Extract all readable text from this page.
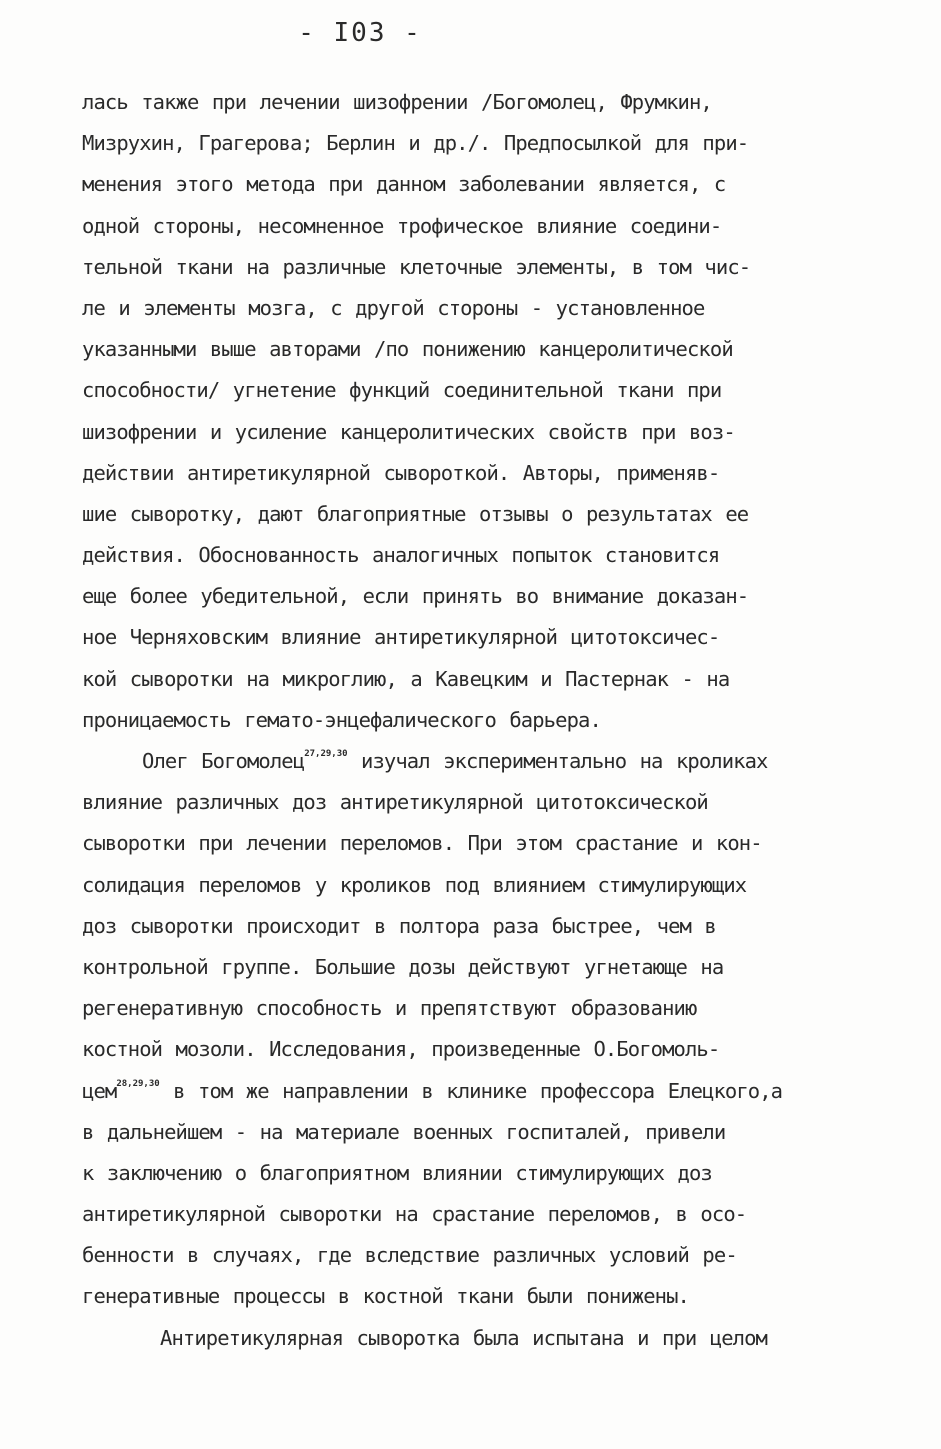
- I03 -
лась также при лечении шизофрении /Богомолец, Фрумкин,
Мизрухин, Грагерова; Берлин и др./. Предпосылкой для при-
менения этого метода при данном заболевании является, с
одной стороны, несомненное трофическое влияние соедини-
тельной ткани на различные клеточные элементы, в том чис-
ле и элементы мозга, с другой стороны - установленное
указанными выше авторами /по понижению канцеролитической
способности/ угнетение функций соединительной ткани при
шизофрении и усиление канцеролитических свойств при воз-
действии антиретикулярной сывороткой. Авторы, применяв-
шие сыворотку, дают благоприятные отзывы о результатах ее
действия. Обоснованность аналогичных попыток становится
еще более убедительной, если принять во внимание доказан-
ное Черняховским влияние антиретикулярной цитотоксичес-
кой сыворотки на микроглию, а Кавецким и Пастернак - на
проницаемость гемато-энцефалического барьера.
Олег Богомолец$^{27,29,30}$ изучал экспериментально на кроликах
влияние различных доз антиретикулярной цитотоксической
сыворотки при лечении переломов. При этом срастание и кон-
солидация переломов у кроликов под влиянием стимулирующих
доз сыворотки происходит в полтора раза быстрее, чем в
контрольной группе. Большие дозы действуют угнетающе на
регенеративную способность и препятствуют образованию
костной мозоли. Исследования, произведенные О.Богомоль-
цем$^{28,29,30}$ в том же направлении в клинике профессора Елецкого,а
в дальнейшем - на материале военных госпиталей, привели
к заключению о благоприятном влиянии стимулирующих доз
антиретикулярной сыворотки на срастание переломов, в осо-
бенности в случаях, где вследствие различных условий ре-
генеративные процессы в костной ткани были понижены.
Антиретикулярная сыворотка была испытана и при целом
